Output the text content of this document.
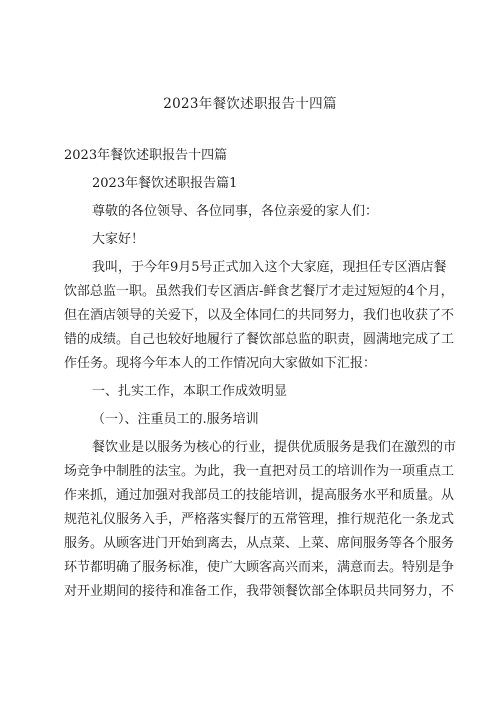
2023年餐饮述职报告十四篇
2023年餐饮述职报告十四篇
2023年餐饮述职报告篇1
尊敬的各位领导、各位同事，各位亲爱的家人们：
大家好！
我叫，于今年9月5号正式加入这个大家庭，现担任专区酒店餐
饮部总监一职。虽然我们专区酒店-鲜食艺餐厅才走过短短的4个月，
但在酒店领导的关爱下，以及全体同仁的共同努力，我们也收获了不
错的成绩。自己也较好地履行了餐饮部总监的职责，圆满地完成了工
作任务。现将今年本人的工作情况向大家做如下汇报：
一、扎实工作，本职工作成效明显
（一）、注重员工的.服务培训
餐饮业是以服务为核心的行业，提供优质服务是我们在激烈的市
场竞争中制胜的法宝。为此，我一直把对员工的培训作为一项重点工
作来抓，通过加强对我部员工的技能培训，提高服务水平和质量。从
规范礼仪服务入手，严格落实餐厅的五常管理，推行规范化一条龙式
服务。从顾客进门开始到离去，从点菜、上菜、席间服务等各个服务
环节都明确了服务标准，使广大顾客高兴而来，满意而去。特别是争
对开业期间的接待和准备工作，我带领餐饮部全体职员共同努力，不
